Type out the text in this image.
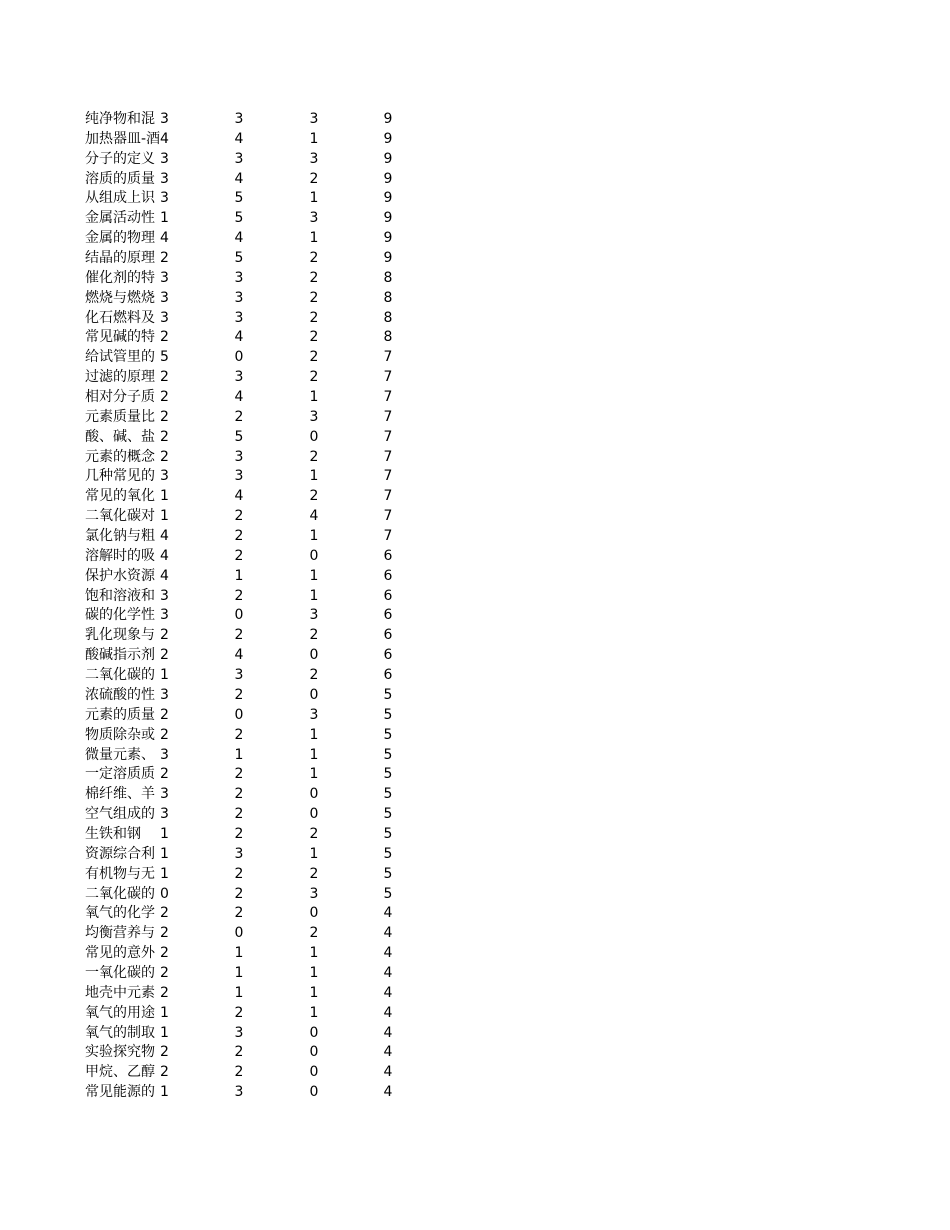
纯净物和混 3	3	3	9
加热器皿-酒 4	4	1	9
分子的定义 3	3	3	9
溶质的质量 3	4	2	9
从组成上识 3	5	1	9
金属活动性 1	5	3	9
金属的物理 4	4	1	9
结晶的原理 2	5	2	9
催化剂的特 3	3	2	8
燃烧与燃烧 3	3	2	8
化石燃料及 3	3	2	8
常见碱的特 2	4	2	8
给试管里的 5	0	2	7
过滤的原理 2	3	2	7
相对分子质 2	4	1	7
元素质量比 2	2	3	7
酸、碱、盐 2	5	0	7
元素的概念 2	3	2	7
几种常见的 3	3	1	7
常见的氧化 1	4	2	7
二氧化碳对 1	2	4	7
氯化钠与粗 4	2	1	7
溶解时的吸 4	2	0	6
保护水资源 4	1	1	6
饱和溶液和 3	2	1	6
碳的化学性 3	0	3	6
乳化现象与 2	2	2	6
酸碱指示剂 2	4	0	6
二氧化碳的 1	3	2	6
浓硫酸的性 3	2	0	5
元素的质量 2	0	3	5
物质除杂或 2	2	1	5
微量元素、 3	1	1	5
一定溶质质 2	2	1	5
棉纤维、羊 3	2	0	5
空气组成的 3	2	0	5
生铁和钢	1	2	2	5
资源综合利 1	3	1	5
有机物与无 1	2	2	5
二氧化碳的 0	2	3	5
氧气的化学 2	2	0	4
均衡营养与 2	0	2	4
常见的意外 2	1	1	4
一氧化碳的 2	1	1	4
地壳中元素 2	1	1	4
氧气的用途 1	2	1	4
氧气的制取 1	3	0	4
实验探究物 2	2	0	4
甲烷、乙醇 2	2	0	4
常见能源的 1	3	0	4
